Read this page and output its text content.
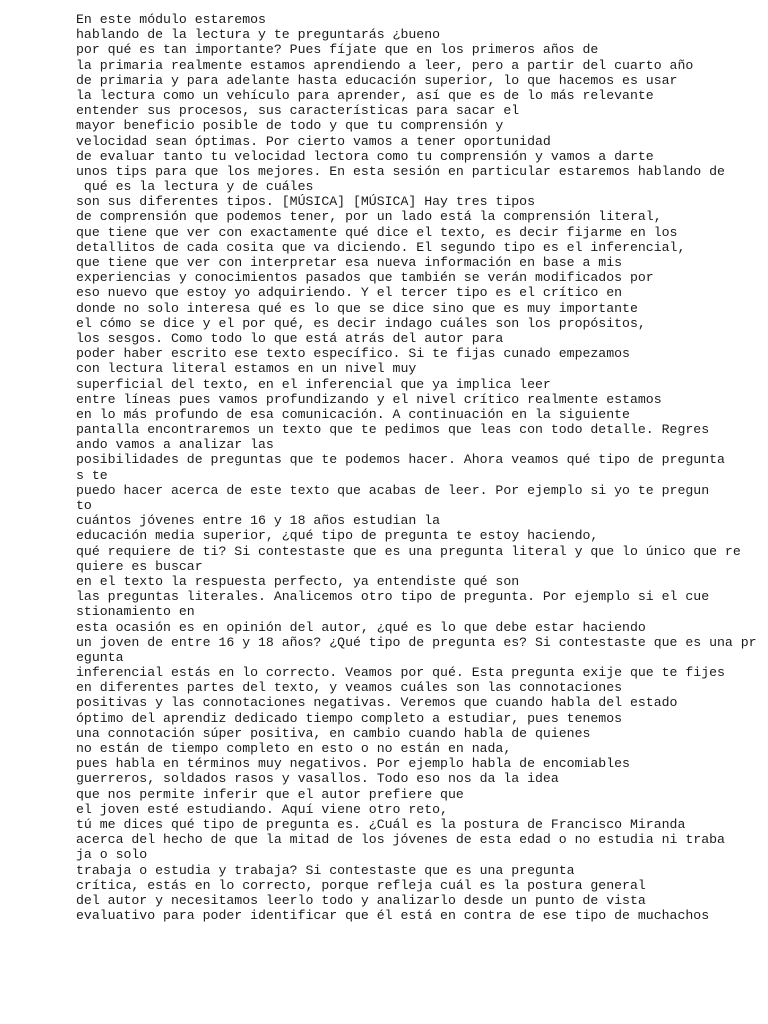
En este módulo estaremos
hablando de la lectura y te preguntarás ¿bueno
por qué es tan importante? Pues fíjate que en los primeros años de
la primaria realmente estamos aprendiendo a leer, pero a partir del cuarto año
de primaria y para adelante hasta educación superior, lo que hacemos es usar
la lectura como un vehículo para aprender, así que es de lo más relevante
entender sus procesos, sus características para sacar el
mayor beneficio posible de todo y que tu comprensión y
velocidad sean óptimas. Por cierto vamos a tener oportunidad
de evaluar tanto tu velocidad lectora como tu comprensión y vamos a darte
unos tips para que los mejores. En esta sesión en particular estaremos hablando de
qué es la lectura y de cuáles
son sus diferentes tipos. [MÚSICA] [MÚSICA] Hay tres tipos
de comprensión que podemos tener, por un lado está la comprensión literal,
que tiene que ver con exactamente qué dice el texto, es decir fijarme en los
detallitos de cada cosita que va diciendo. El segundo tipo es el inferencial,
que tiene que ver con interpretar esa nueva información en base a mis
experiencias y conocimientos pasados que también se verán modificados por
eso nuevo que estoy yo adquiriendo. Y el tercer tipo es el crítico en
donde no solo interesa qué es lo que se dice sino que es muy importante
el cómo se dice y el por qué, es decir indago cuáles son los propósitos,
los sesgos. Como todo lo que está atrás del autor para
poder haber escrito ese texto específico. Si te fijas cunado empezamos
con lectura literal estamos en un nivel muy
superficial del texto, en el inferencial que ya implica leer
entre líneas pues vamos profundizando y el nivel crítico realmente estamos
en lo más profundo de esa comunicación. A continuación en la siguiente
pantalla encontraremos un texto que te pedimos que leas con todo detalle. Regres
ando vamos a analizar las
posibilidades de preguntas que te podemos hacer. Ahora veamos qué tipo de pregunta
s te
puedo hacer acerca de este texto que acabas de leer. Por ejemplo si yo te pregun
to
cuántos jóvenes entre 16 y 18 años estudian la
educación media superior, ¿qué tipo de pregunta te estoy haciendo,
qué requiere de ti? Si contestaste que es una pregunta literal y que lo único que re
quiere es buscar
en el texto la respuesta perfecto, ya entendiste qué son
las preguntas literales. Analicemos otro tipo de pregunta. Por ejemplo si el cue
stionamiento en
esta ocasión es en opinión del autor, ¿qué es lo que debe estar haciendo
un joven de entre 16 y 18 años? ¿Qué tipo de pregunta es? Si contestaste que es una pr
egunta
inferencial estás en lo correcto. Veamos por qué. Esta pregunta exije que te fijes
en diferentes partes del texto, y veamos cuáles son las connotaciones
positivas y las connotaciones negativas. Veremos que cuando habla del estado
óptimo del aprendiz dedicado tiempo completo a estudiar, pues tenemos
una connotación súper positiva, en cambio cuando habla de quienes
no están de tiempo completo en esto o no están en nada,
pues habla en términos muy negativos. Por ejemplo habla de encomiables
guerreros, soldados rasos y vasallos. Todo eso nos da la idea
que nos permite inferir que el autor prefiere que
el joven esté estudiando. Aquí viene otro reto,
tú me dices qué tipo de pregunta es. ¿Cuál es la postura de Francisco Miranda
acerca del hecho de que la mitad de los jóvenes de esta edad o no estudia ni traba
ja o solo
trabaja o estudia y trabaja? Si contestaste que es una pregunta
crítica, estás en lo correcto, porque refleja cuál es la postura general
del autor y necesitamos leerlo todo y analizarlo desde un punto de vista
evaluativo para poder identificar que él está en contra de ese tipo de muchachos
